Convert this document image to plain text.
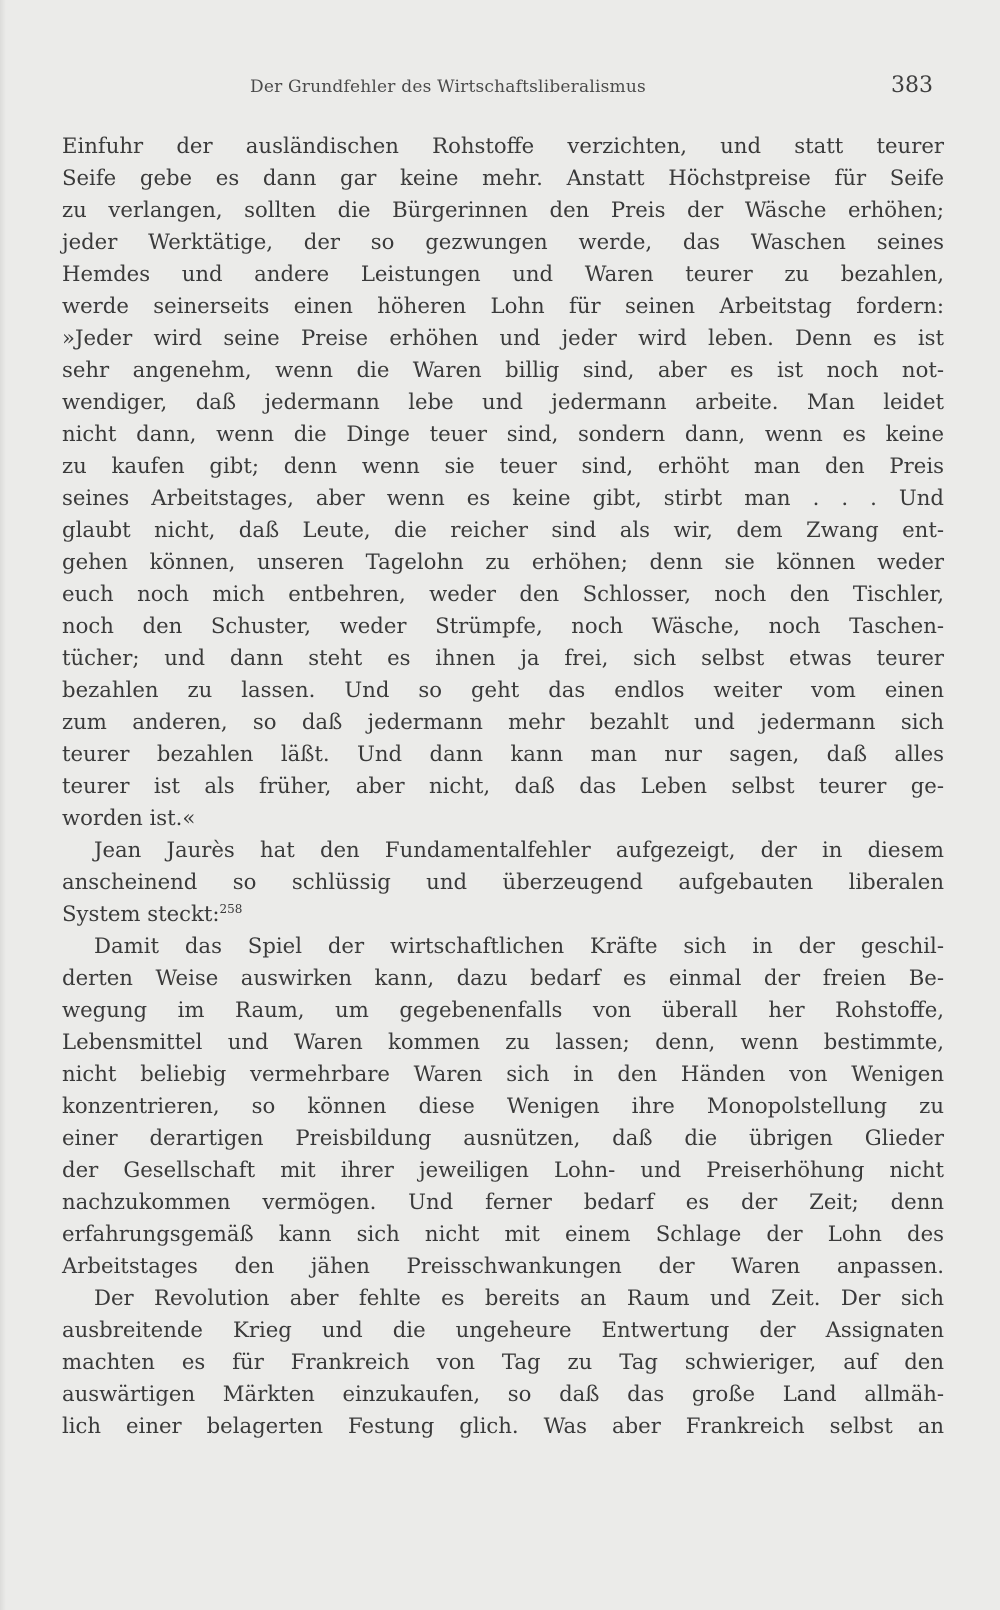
Der Grundfehler des Wirtschaftsliberalismus	383
Einfuhr der ausländischen Rohstoffe verzichten, und statt teurer
Seife gebe es dann gar keine mehr. Anstatt Höchstpreise für Seife
zu verlangen, sollten die Bürgerinnen den Preis der Wäsche erhöhen;
jeder Werktätige, der so gezwungen werde, das Waschen seines
Hemdes und andere Leistungen und Waren teurer zu bezahlen,
werde seinerseits einen höheren Lohn für seinen Arbeitstag fordern:
»Jeder wird seine Preise erhöhen und jeder wird leben. Denn es ist
sehr angenehm, wenn die Waren billig sind, aber es ist noch not-
wendiger, daß jedermann lebe und jedermann arbeite. Man leidet
nicht dann, wenn die Dinge teuer sind, sondern dann, wenn es keine
zu kaufen gibt; denn wenn sie teuer sind, erhöht man den Preis
seines Arbeitstages, aber wenn es keine gibt, stirbt man . . . Und
glaubt nicht, daß Leute, die reicher sind als wir, dem Zwang ent-
gehen können, unseren Tagelohn zu erhöhen; denn sie können weder
euch noch mich entbehren, weder den Schlosser, noch den Tischler,
noch den Schuster, weder Strümpfe, noch Wäsche, noch Taschen-
tücher; und dann steht es ihnen ja frei, sich selbst etwas teurer
bezahlen zu lassen. Und so geht das endlos weiter vom einen
zum anderen, so daß jedermann mehr bezahlt und jedermann sich
teurer bezahlen läßt. Und dann kann man nur sagen, daß alles
teurer ist als früher, aber nicht, daß das Leben selbst teurer ge-
worden ist.«
Jean Jaurès hat den Fundamentalfehler aufgezeigt, der in diesem
anscheinend so schlüssig und überzeugend aufgebauten liberalen
System steckt:$^{258}$
Damit das Spiel der wirtschaftlichen Kräfte sich in der geschil-
derten Weise auswirken kann, dazu bedarf es einmal der freien Be-
wegung im Raum, um gegebenenfalls von überall her Rohstoffe,
Lebensmittel und Waren kommen zu lassen; denn, wenn bestimmte,
nicht beliebig vermehrbare Waren sich in den Händen von Wenigen
konzentrieren, so können diese Wenigen ihre Monopolstellung zu
einer derartigen Preisbildung ausnützen, daß die übrigen Glieder
der Gesellschaft mit ihrer jeweiligen Lohn- und Preiserhöhung nicht
nachzukommen vermögen. Und ferner bedarf es der Zeit; denn
erfahrungsgemäß kann sich nicht mit einem Schlage der Lohn des
Arbeitstages den jähen Preisschwankungen der Waren anpassen.
Der Revolution aber fehlte es bereits an Raum und Zeit. Der sich
ausbreitende Krieg und die ungeheure Entwertung der Assignaten
machten es für Frankreich von Tag zu Tag schwieriger, auf den
auswärtigen Märkten einzukaufen, so daß das große Land allmäh-
lich einer belagerten Festung glich. Was aber Frankreich selbst an
